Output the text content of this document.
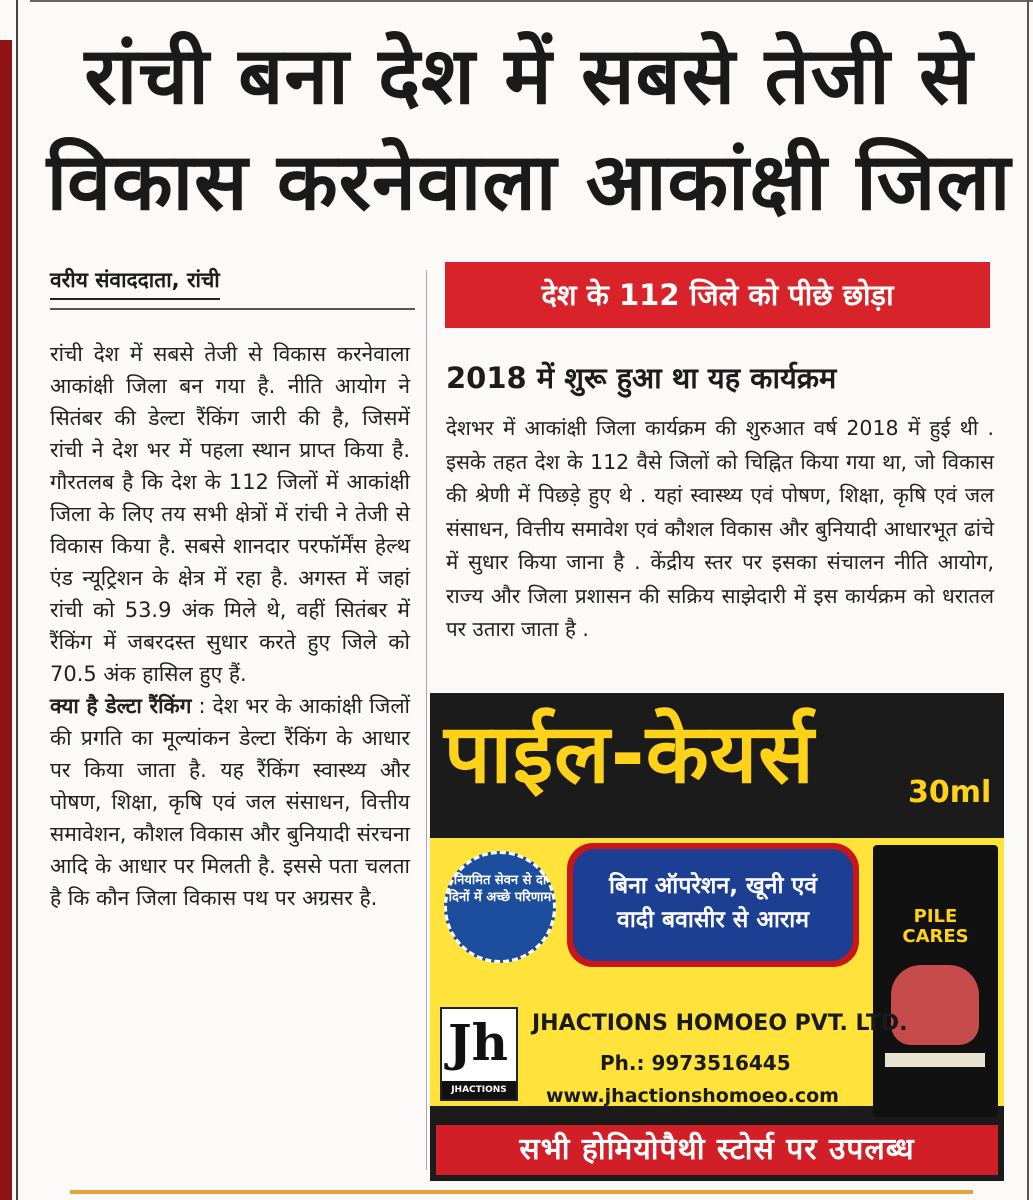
रांची बना देश में सबसे तेजी से
विकास करनेवाला आकांक्षी जिला
वरीय संवाददाता, रांची
रांची देश में सबसे तेजी से विकास करनेवाला आकांक्षी जिला बन गया है. नीति आयोग ने सितंबर की डेल्टा रैंकिंग जारी की है, जिसमें रांची ने देश भर में पहला स्थान प्राप्त किया है. गौरतलब है कि देश के 112 जिलों में आकांक्षी जिला के लिए तय सभी क्षेत्रों में रांची ने तेजी से विकास किया है. सबसे शानदार परफॉर्मेंस हेल्थ एंड न्यूट्रिशन के क्षेत्र में रहा है. अगस्त में जहां रांची को 53.9 अंक मिले थे, वहीं सितंबर में रैंकिंग में जबरदस्त सुधार करते हुए जिले को 70.5 अंक हासिल हुए हैं.
क्या है डेल्टा रैंकिंग : देश भर के आकांक्षी जिलों की प्रगति का मूल्यांकन डेल्टा रैंकिंग के आधार पर किया जाता है. यह रैंकिंग स्वास्थ्य और पोषण, शिक्षा, कृषि एवं जल संसाधन, वित्तीय समावेशन, कौशल विकास और बुनियादी संरचना आदि के आधार पर मिलती है. इससे पता चलता है कि कौन जिला विकास पथ पर अग्रसर है.
देश के 112 जिले को पीछे छोड़ा
2018 में शुरू हुआ था यह कार्यक्रम
देशभर में आकांक्षी जिला कार्यक्रम की शुरुआत वर्ष 2018 में हुई थी . इसके तहत देश के 112 वैसे जिलों को चिह्नित किया गया था, जो विकास की श्रेणी में पिछड़े हुए थे . यहां स्वास्थ्य एवं पोषण, शिक्षा, कृषि एवं जल संसाधन, वित्तीय समावेश एवं कौशल विकास और बुनियादी आधारभूत ढांचे में सुधार किया जाना है . केंद्रीय स्तर पर इसका संचालन नीति आयोग, राज्य और जिला प्रशासन की सक्रिय साझेदारी में इस कार्यक्रम को धरातल पर उतारा जाता है .
पाईल-केयर्स	30ml
नियमित सेवन से दो दिनों में अच्छे परिणाम	बिना ऑपरेशन, खूनी एवं
वादी बवासीर से आराम	PILE
CARES
Jh
JHACTIONS
JHACTIONS HOMOEO PVT. LTD.
Ph.: 9973516445
www.jhactionshomoeo.com
सभी होमियोपैथी स्टोर्स पर उपलब्ध
